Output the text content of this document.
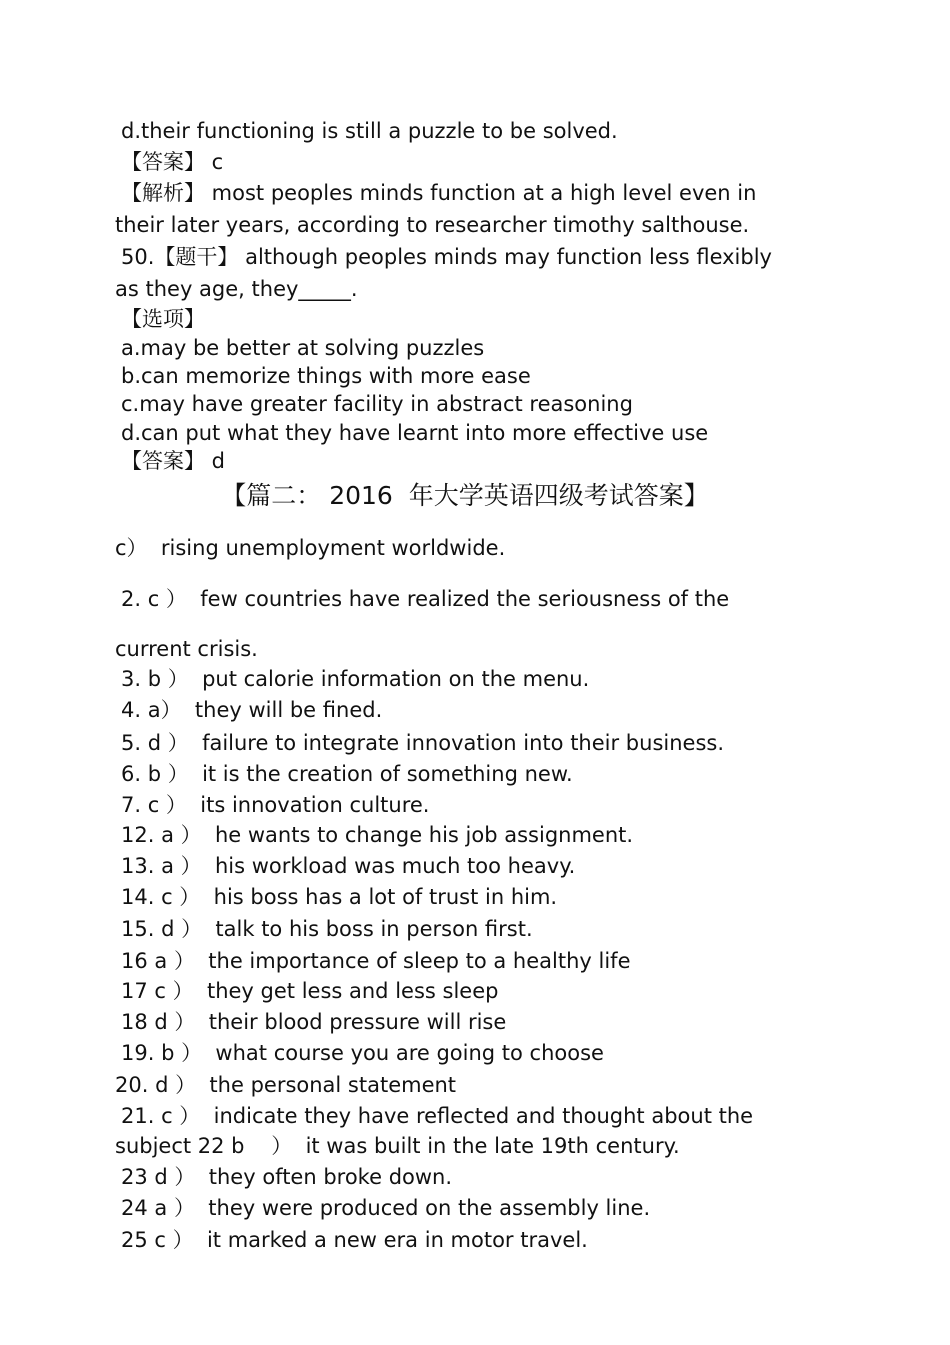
d.their functioning is still a puzzle to be solved.
【答案】 c
【解析】 most peoples minds function at a high level even in
their later years, according to researcher timothy salthouse.
50.【题干】 although peoples minds may function less flexibly
as they age, they_____.
【选项】
a.may be better at solving puzzles
b.can memorize things with more ease
c.may have greater facility in abstract reasoning
d.can put what they have learnt into more effective use
【答案】 d
【篇二： 2016  年大学英语四级考试答案】
c）  rising unemployment worldwide.
2. c ）  few countries have realized the seriousness of the
current crisis.
3. b ）  put calorie information on the menu.
4. a）  they will be fined.
5. d ）  failure to integrate innovation into their business.
6. b ）  it is the creation of something new.
7. c ）  its innovation culture.
12. a ）  he wants to change his job assignment.
13. a ）  his workload was much too heavy.
14. c ）  his boss has a lot of trust in him.
15. d ）  talk to his boss in person first.
16 a ）  the importance of sleep to a healthy life
17 c ）  they get less and less sleep
18 d ）  their blood pressure will rise
19. b ）  what course you are going to choose
20. d ）  the personal statement
21. c ）  indicate they have reflected and thought about the
subject 22 b    ）  it was built in the late 19th century.
23 d ）  they often broke down.
24 a ）  they were produced on the assembly line.
25 c ）  it marked a new era in motor travel.
